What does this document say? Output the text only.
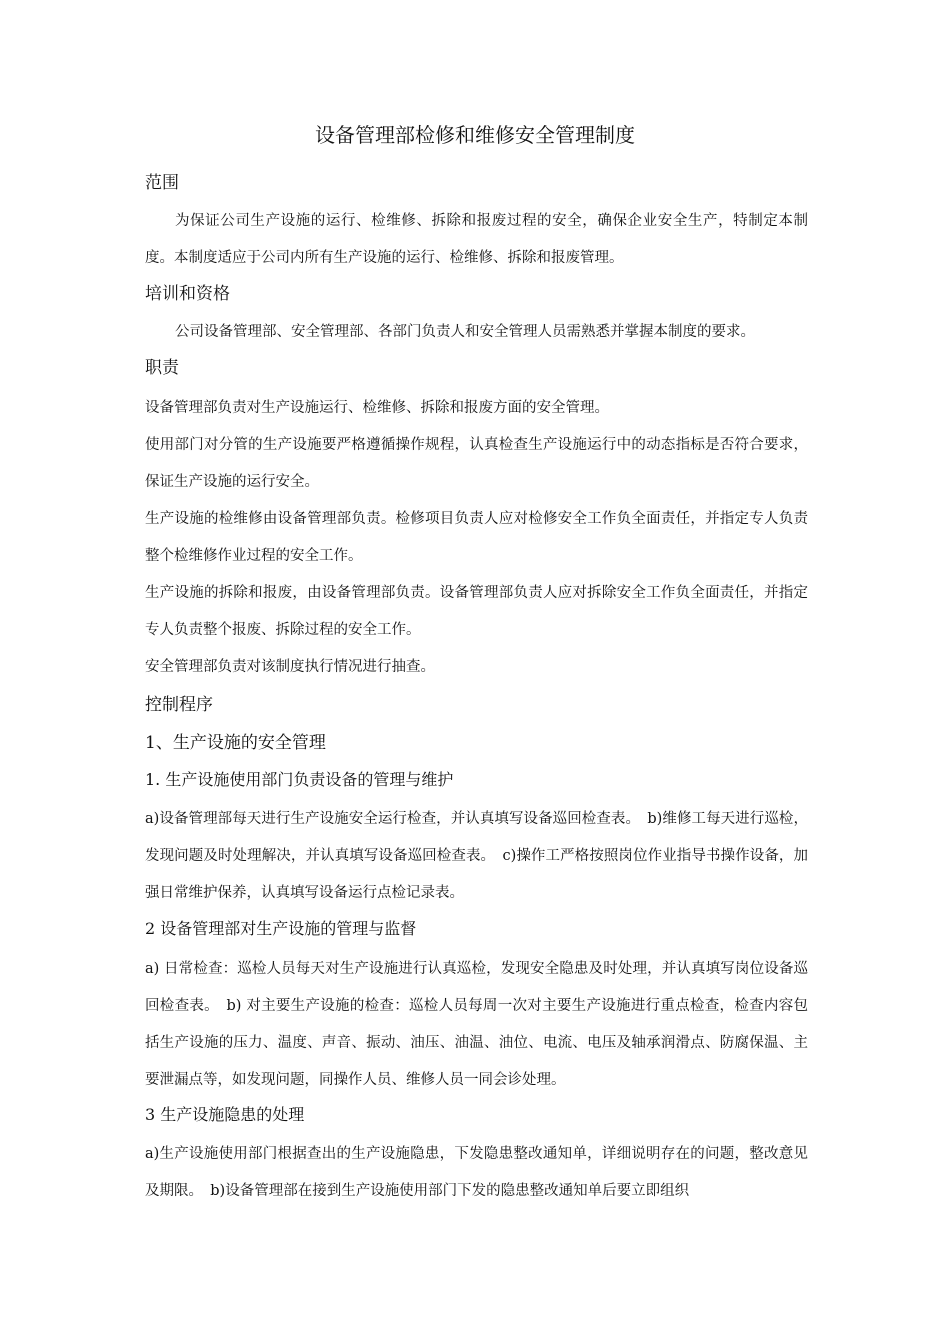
设备管理部检修和维修安全管理制度
范围
为保证公司生产设施的运行、检维修、拆除和报废过程的安全，确保企业安全生产，特制定本制度。本制度适应于公司内所有生产设施的运行、检维修、拆除和报废管理。
培训和资格
公司设备管理部、安全管理部、各部门负责人和安全管理人员需熟悉并掌握本制度的要求。
职责
设备管理部负责对生产设施运行、检维修、拆除和报废方面的安全管理。
使用部门对分管的生产设施要严格遵循操作规程，认真检查生产设施运行中的动态指标是否符合要求，保证生产设施的运行安全。
生产设施的检维修由设备管理部负责。检修项目负责人应对检修安全工作负全面责任，并指定专人负责整个检维修作业过程的安全工作。
生产设施的拆除和报废，由设备管理部负责。设备管理部负责人应对拆除安全工作负全面责任，并指定专人负责整个报废、拆除过程的安全工作。
安全管理部负责对该制度执行情况进行抽查。
控制程序
1、生产设施的安全管理
1. 生产设施使用部门负责设备的管理与维护
a)设备管理部每天进行生产设施安全运行检查，并认真填写设备巡回检查表。　b)维修工每天进行巡检，发现问题及时处理解决，并认真填写设备巡回检查表。　c)操作工严格按照岗位作业指导书操作设备，加强日常维护保养，认真填写设备运行点检记录表。
2 设备管理部对生产设施的管理与监督
a) 日常检查：巡检人员每天对生产设施进行认真巡检，发现安全隐患及时处理，并认真填写岗位设备巡回检查表。　b) 对主要生产设施的检查：巡检人员每周一次对主要生产设施进行重点检查，检查内容包括生产设施的压力、温度、声音、振动、油压、油温、油位、电流、电压及轴承润滑点、防腐保温、主要泄漏点等，如发现问题，同操作人员、维修人员一同会诊处理。
3 生产设施隐患的处理
a)生产设施使用部门根据查出的生产设施隐患，下发隐患整改通知单，详细说明存在的问题，整改意见及期限。　b)设备管理部在接到生产设施使用部门下发的隐患整改通知单后要立即组织
